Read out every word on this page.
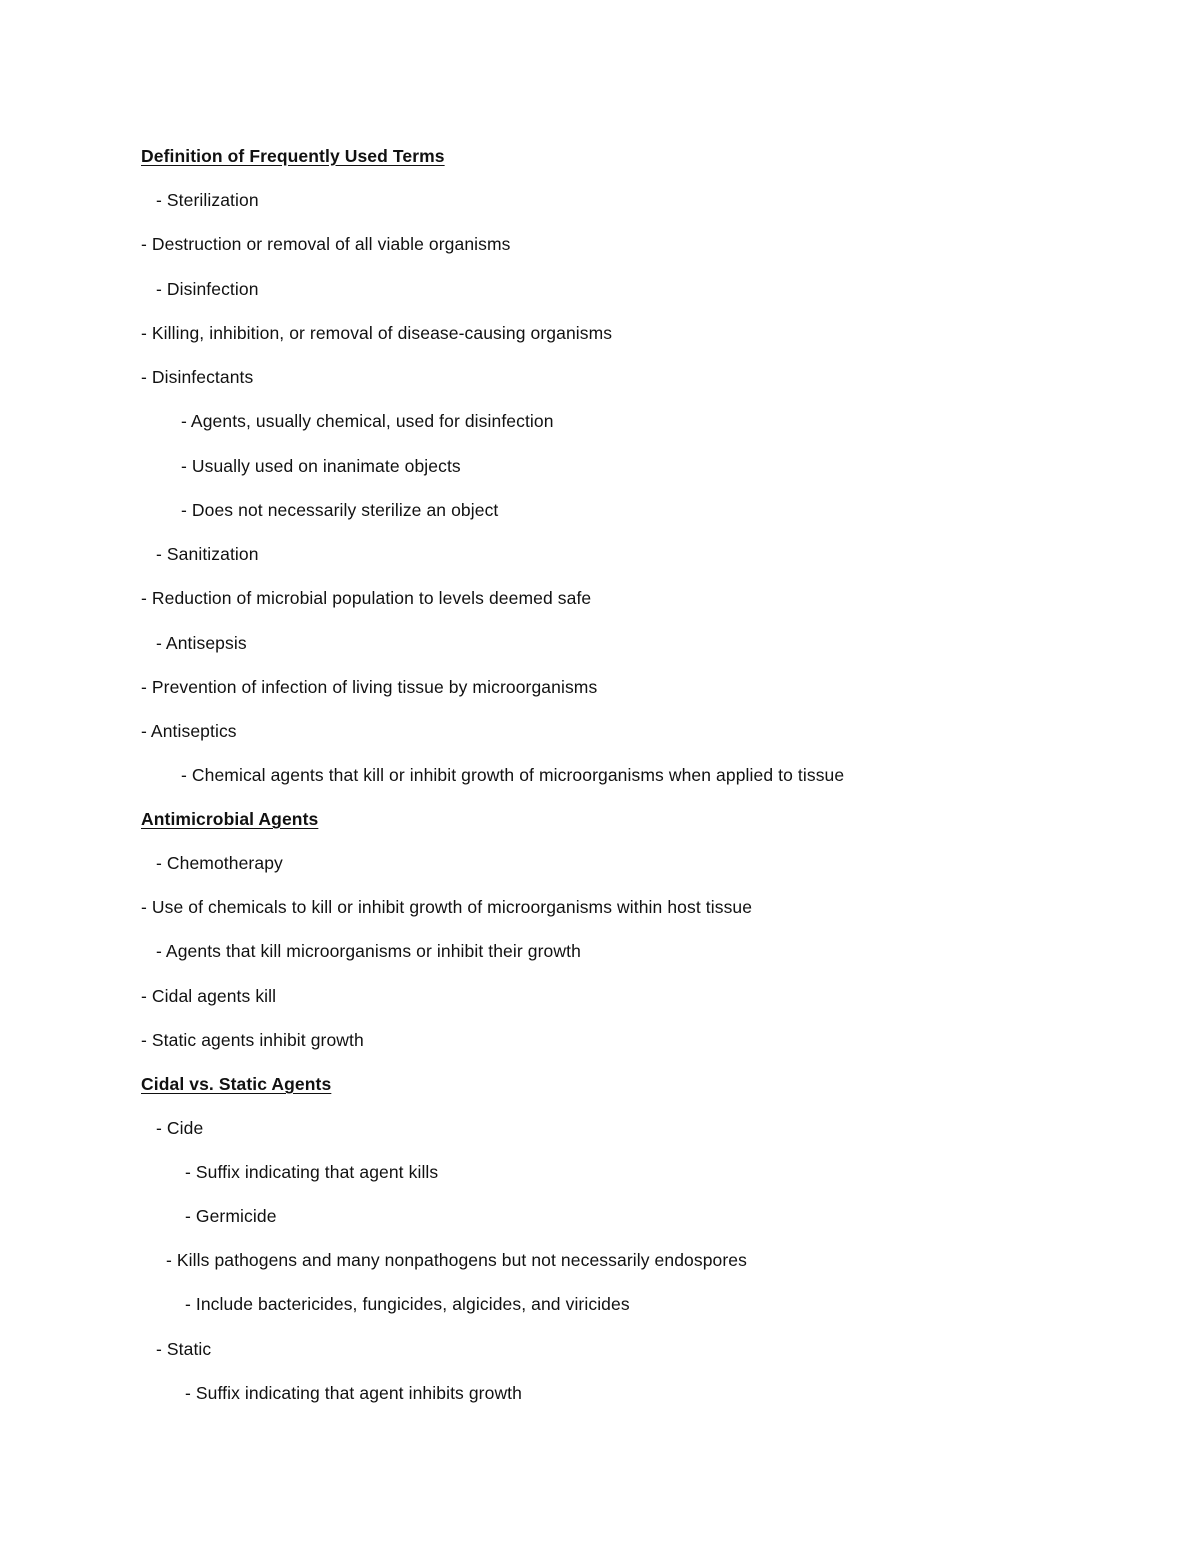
Definition of Frequently Used Terms
- Sterilization
- Destruction or removal of all viable organisms
- Disinfection
- Killing, inhibition, or removal of disease-causing organisms
- Disinfectants
- Agents, usually chemical, used for disinfection
- Usually used on inanimate objects
- Does not necessarily sterilize an object
- Sanitization
- Reduction of microbial population to levels deemed safe
- Antisepsis
- Prevention of infection of living tissue by microorganisms
- Antiseptics
- Chemical agents that kill or inhibit growth of microorganisms when applied to tissue
Antimicrobial Agents
- Chemotherapy
- Use of chemicals to kill or inhibit growth of microorganisms within host tissue
- Agents that kill microorganisms or inhibit their growth
- Cidal agents kill
- Static agents inhibit growth
Cidal vs. Static Agents
- Cide
- Suffix indicating that agent kills
- Germicide
- Kills pathogens and many nonpathogens but not necessarily endospores
- Include bactericides, fungicides, algicides, and viricides
- Static
- Suffix indicating that agent inhibits growth
